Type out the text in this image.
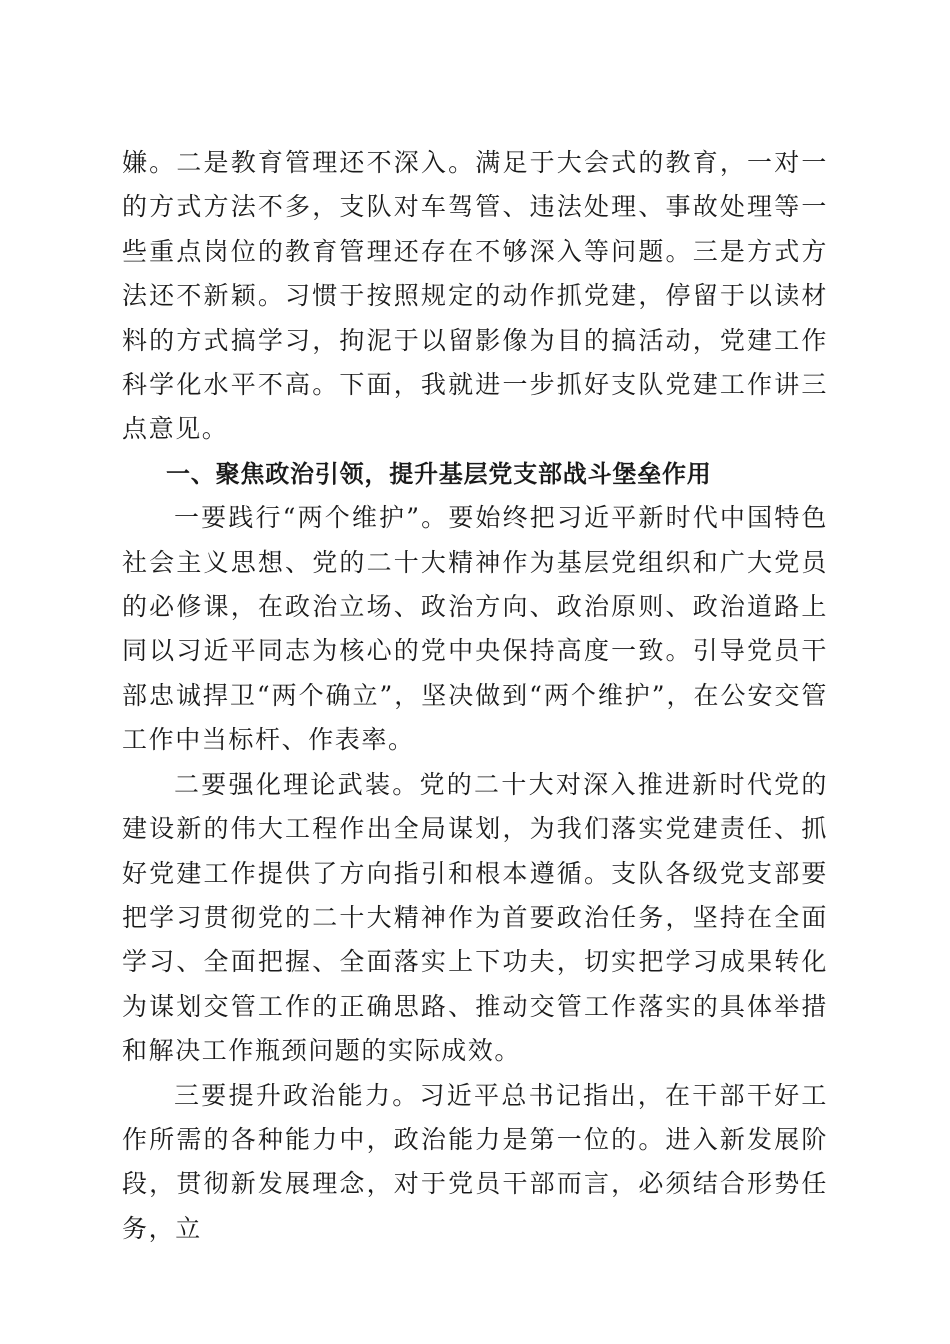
嫌。二是教育管理还不深入。满足于大会式的教育，一对一的方式方法不多，支队对车驾管、违法处理、事故处理等一些重点岗位的教育管理还存在不够深入等问题。三是方式方法还不新颖。习惯于按照规定的动作抓党建，停留于以读材料的方式搞学习，拘泥于以留影像为目的搞活动，党建工作科学化水平不高。下面，我就进一步抓好支队党建工作讲三点意见。

一、聚焦政治引领，提升基层党支部战斗堡垒作用

一要践行“两个维护”。要始终把习近平新时代中国特色社会主义思想、党的二十大精神作为基层党组织和广大党员的必修课，在政治立场、政治方向、政治原则、政治道路上同以习近平同志为核心的党中央保持高度一致。引导党员干部忠诚捍卫“两个确立”，坚决做到“两个维护”，在公安交管工作中当标杆、作表率。

二要强化理论武装。党的二十大对深入推进新时代党的建设新的伟大工程作出全局谋划，为我们落实党建责任、抓好党建工作提供了方向指引和根本遵循。支队各级党支部要把学习贯彻党的二十大精神作为首要政治任务，坚持在全面学习、全面把握、全面落实上下功夫，切实把学习成果转化为谋划交管工作的正确思路、推动交管工作落实的具体举措和解决工作瓶颈问题的实际成效。

三要提升政治能力。习近平总书记指出，在干部干好工作所需的各种能力中，政治能力是第一位的。进入新发展阶段，贯彻新发展理念，对于党员干部而言，必须结合形势任务，立
